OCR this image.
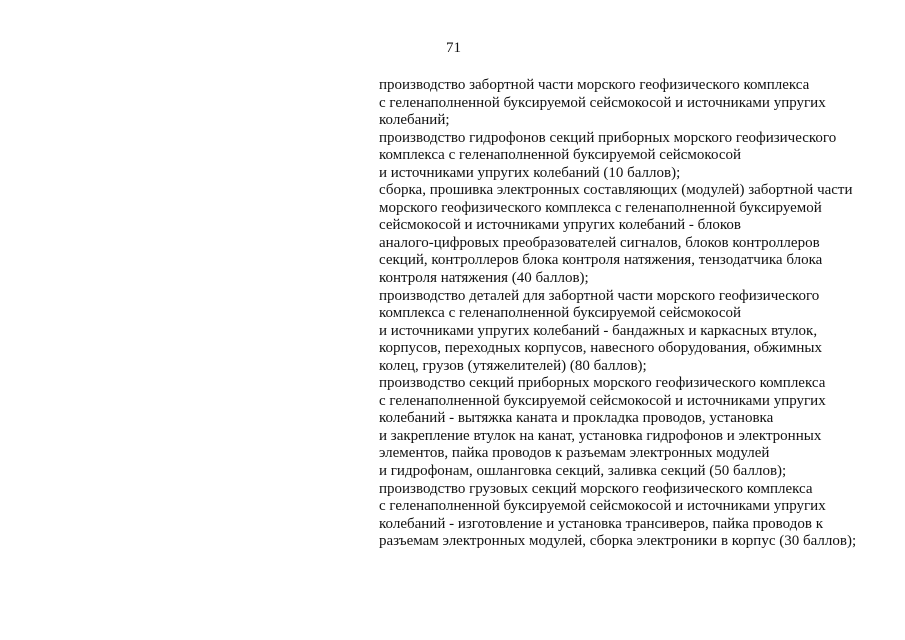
71
производство забортной части морского геофизического комплекса
с геленаполненной буксируемой сейсмокосой и источниками упругих
колебаний;
производство гидрофонов секций приборных морского геофизического
комплекса с геленаполненной буксируемой сейсмокосой
и источниками упругих колебаний (10 баллов);
сборка, прошивка электронных составляющих (модулей) забортной части
морского геофизического комплекса с геленаполненной буксируемой
сейсмокосой и источниками упругих колебаний - блоков
аналого-цифровых преобразователей сигналов, блоков контроллеров
секций, контроллеров блока контроля натяжения, тензодатчика блока
контроля натяжения (40 баллов);
производство деталей для забортной части морского геофизического
комплекса с геленаполненной буксируемой сейсмокосой
и источниками упругих колебаний - бандажных и каркасных втулок,
корпусов, переходных корпусов, навесного оборудования, обжимных
колец, грузов (утяжелителей) (80 баллов);
производство секций приборных морского геофизического комплекса
с геленаполненной буксируемой сейсмокосой и источниками упругих
колебаний - вытяжка каната и прокладка проводов, установка
и закрепление втулок на канат, установка гидрофонов и электронных
элементов, пайка проводов к разъемам электронных модулей
и гидрофонам, ошланговка секций, заливка секций (50 баллов);
производство грузовых секций морского геофизического комплекса
с геленаполненной буксируемой сейсмокосой и источниками упругих
колебаний - изготовление и установка трансиверов, пайка проводов к
разъемам электронных модулей, сборка электроники в корпус (30 баллов);
